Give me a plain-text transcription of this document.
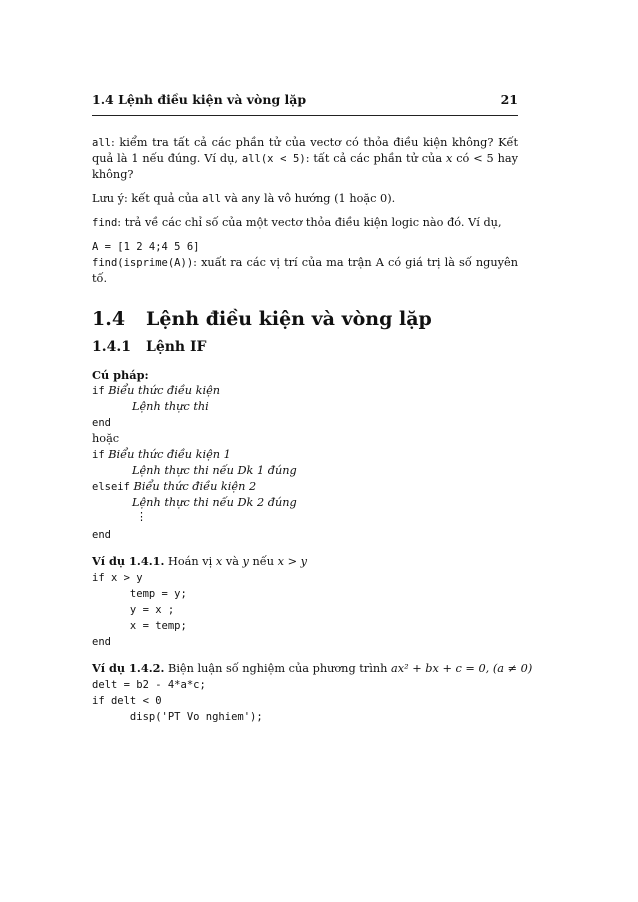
1.4 Lệnh điều kiện và vòng lặp	21

all: kiểm tra tất cả các phần tử của vectơ có thỏa điều kiện không? Kết quả là 1 nếu đúng. Ví dụ, all(x < 5): tất cả các phần tử của x có < 5 hay không?

Lưu ý: kết quả của all và any là vô hướng (1 hoặc 0).

find: trả về các chỉ số của một vectơ thỏa điều kiện logic nào đó. Ví dụ,

A = [1 2 4;4 5 6]
find(isprime(A)): xuất ra các vị trí của ma trận A có giá trị là số nguyên tố.
1.4 Lệnh điều kiện và vòng lặp
1.4.1 Lệnh IF
Cú pháp:
if Biểu thức điều kiện
Lệnh thực thi
end
hoặc
if Biểu thức điều kiện 1
Lệnh thực thi nếu Dk 1 đúng
elseif Biểu thức điều kiện 2
Lệnh thực thi nếu Dk 2 đúng
⋮
end
Ví dụ 1.4.1. Hoán vị x và y nếu x > y
if x > y
temp = y;
y = x ;
x = temp;
end
Ví dụ 1.4.2. Biện luận số nghiệm của phương trình ax² + bx + c = 0, (a ≠ 0)
delt = b2 - 4*a*c;
if delt < 0
disp('PT Vo nghiem');
